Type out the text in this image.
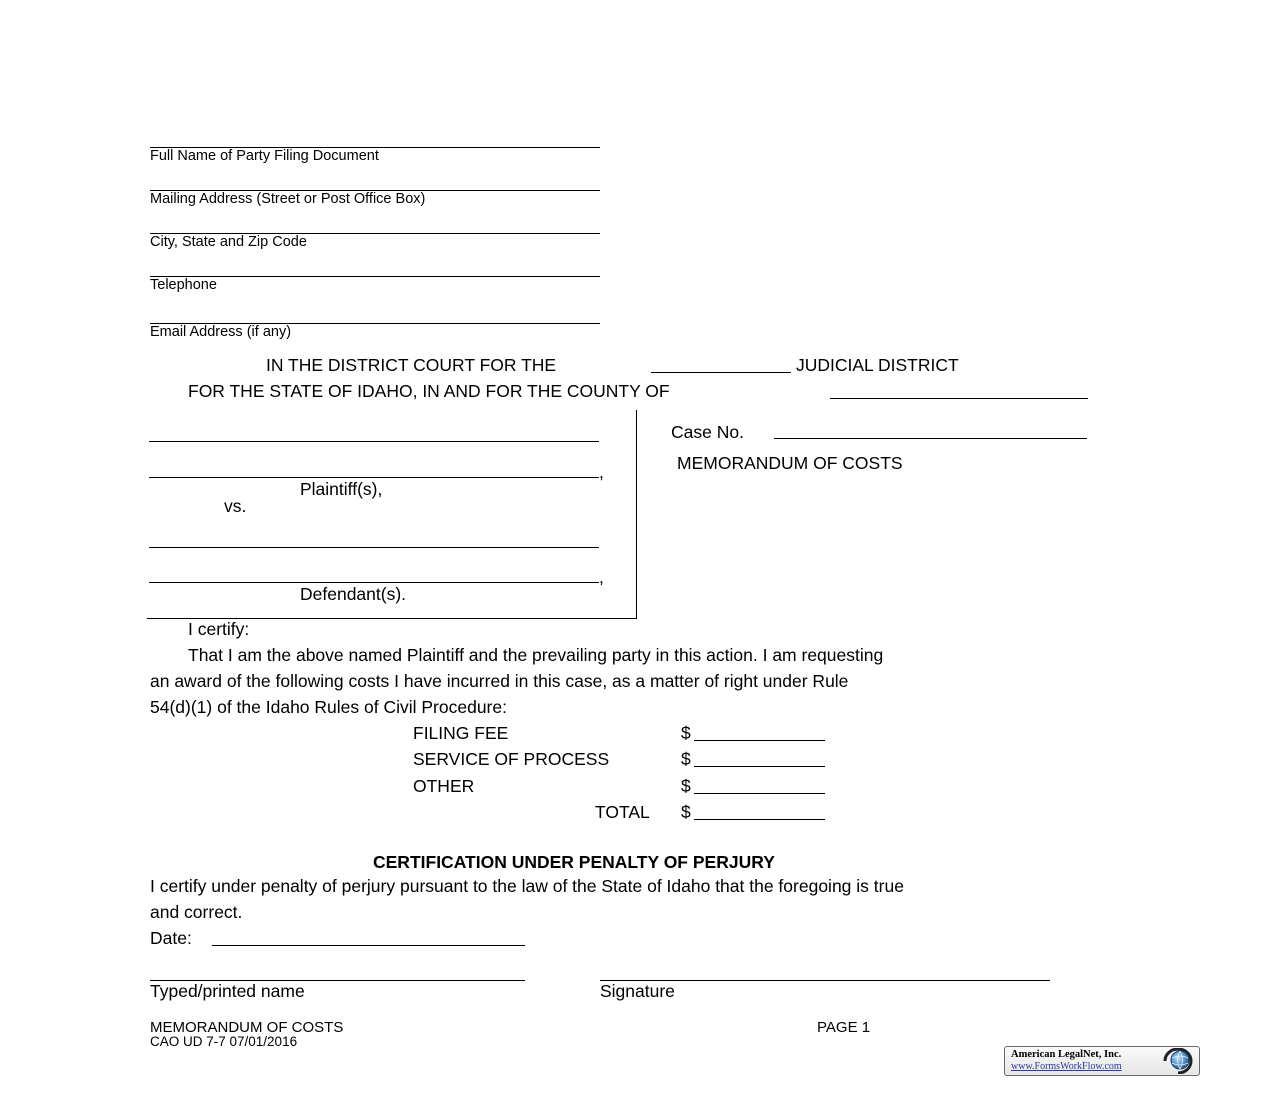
Full Name of Party Filing Document
Mailing Address (Street or Post Office Box)
City, State and Zip Code
Telephone
Email Address (if any)
IN THE DISTRICT COURT FOR THE	JUDICIAL DISTRICT
FOR THE STATE OF IDAHO, IN AND FOR THE COUNTY OF
,
Plaintiff(s),
vs.
,
Defendant(s).
Case No.
MEMORANDUM OF COSTS
I certify:
That I am the above named Plaintiff and the prevailing party in this action. I am requesting
an award of the following costs I have incurred in this case, as a matter of right under Rule
54(d)(1) of the Idaho Rules of Civil Procedure:
FILING FEE	$
SERVICE OF PROCESS	$
OTHER	$
TOTAL $
CERTIFICATION UNDER PENALTY OF PERJURY
I certify under penalty of perjury pursuant to the law of the State of Idaho that the foregoing is true
and correct.
Date:
Typed/printed name	Signature
MEMORANDUM OF COSTS	PAGE 1
CAO UD 7-7 07/01/2016
American LegalNet, Inc.
www.FormsWorkFlow.com
